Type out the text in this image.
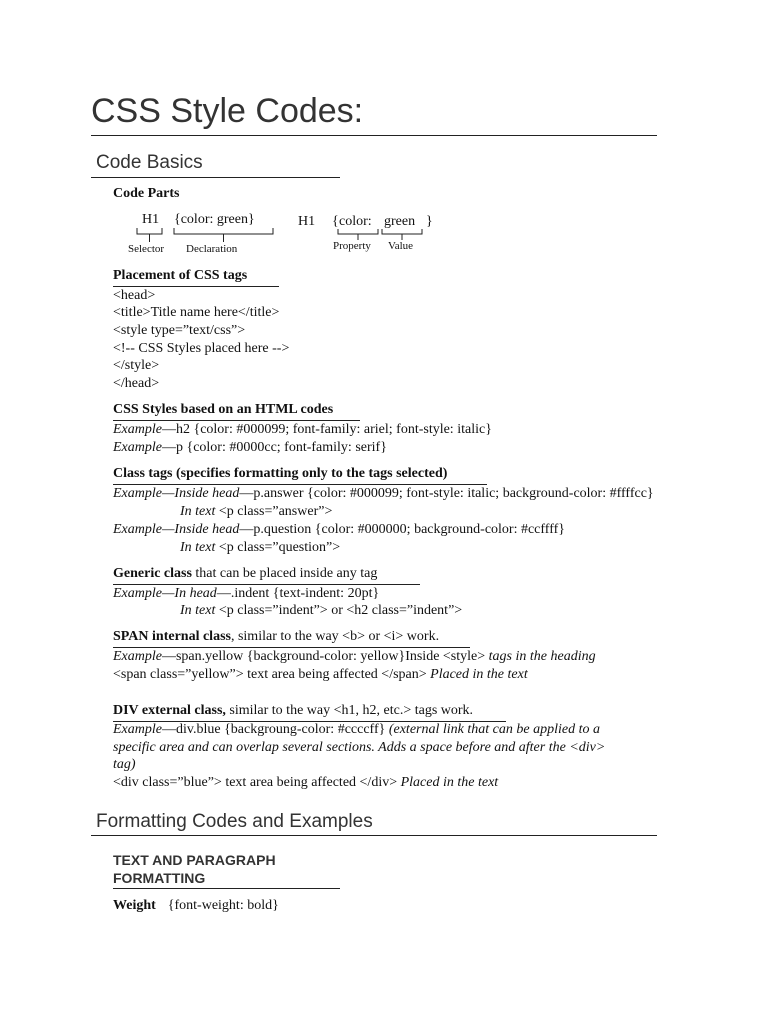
CSS Style Codes:
Code Basics
Code Parts
H1 {color: green}
Selector Declaration
H1 { color: green }
Property Value
Placement of CSS tags
<head>
<title>Title name here</title>
<style type=”text/css”>
<!-- CSS Styles placed here -->
</style>
</head>
CSS Styles based on an HTML codes
Example—h2 {color: #000099; font-family: ariel; font-style: italic}
Example—p {color: #0000cc; font-family: serif}
Class tags (specifies formatting only to the tags selected)
Example—Inside head—p.answer {color: #000099; font-style: italic; background-color: #ffffcc}
In text <p class=”answer”>
Example—Inside head—p.question {color: #000000; background-color: #ccffff}
In text <p class=”question”>
Generic class that can be placed inside any tag
Example—In head—.indent {text-indent: 20pt}
In text <p class=”indent”> or <h2 class=”indent”>
SPAN internal class, similar to the way <b> or <i> work.
Example—span.yellow {background-color: yellow}Inside <style> tags in the heading
<span class=”yellow”> text area being affected </span> Placed in the text
DIV external class, similar to the way <h1, h2, etc.> tags work.
Example—div.blue {backgroung-color: #ccccff} (external link that can be applied to a
specific area and can overlap several sections. Adds a space before and after the <div>
tag)
<div class=”blue”> text area being affected </div> Placed in the text
Formatting Codes and Examples
TEXT AND PARAGRAPH
FORMATTING
Weight {font-weight: bold}
